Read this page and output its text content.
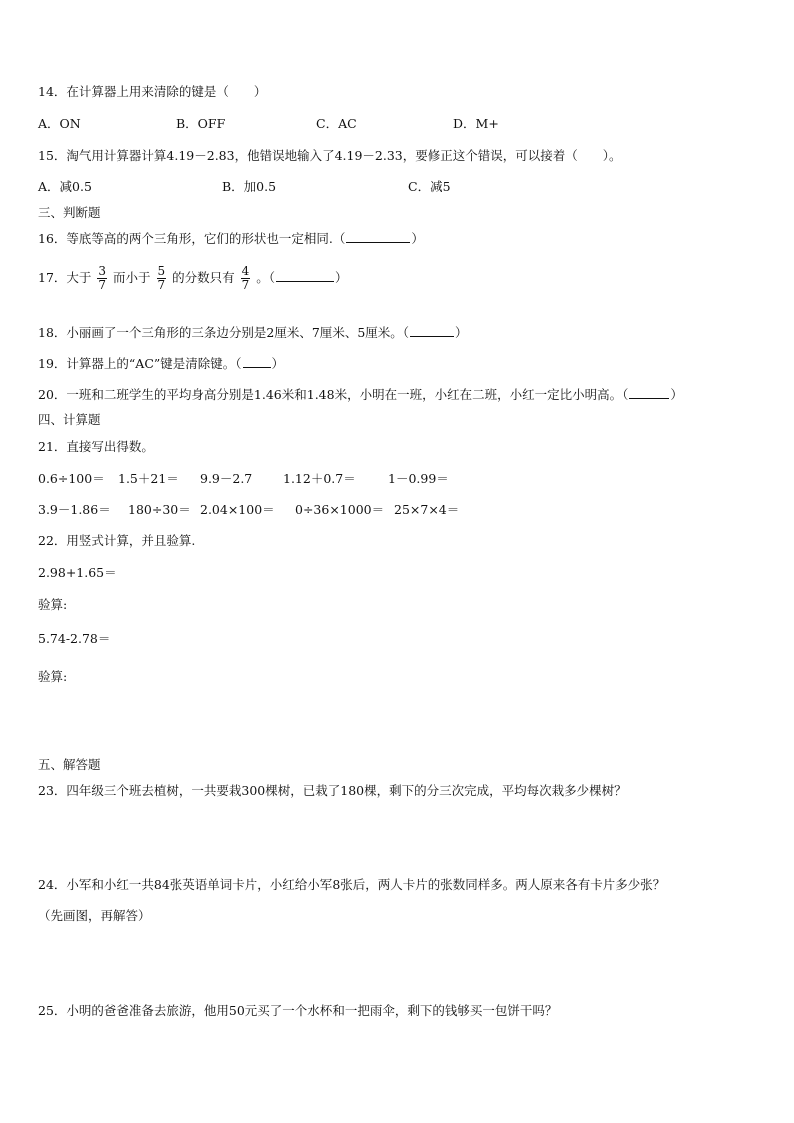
14．在计算器上用来清除的键是（　　）
A．ON	B．OFF	C．AC	D．M+
15．淘气用计算器计算4.19－2.83，他错误地输入了4.19－2.33，要修正这个错误，可以接着（　　）。
A．减0.5	B．加0.5	C．减5
三、判断题
16．等底等高的两个三角形，它们的形状也一定相同.（	）
17．大于 $\frac{3}{7}$ 而小于 $\frac{5}{7}$ 的分数只有 $\frac{4}{7}$ 。（	）
18．小丽画了一个三角形的三条边分别是2厘米、7厘米、5厘米。（	）
19．计算器上的“AC”键是清除键。（ ）
20．一班和二班学生的平均身高分别是1.46米和1.48米，小明在一班，小红在二班，小红一定比小明高。（	）
四、计算题
21．直接写出得数。
0.6÷100＝ 1.5＋21＝ 9.9－2.7 1.12＋0.7＝	1－0.99＝
3.9－1.86＝ 180÷30＝ 2.04×100＝ 0÷36×1000＝ 25×7×4＝
22．用竖式计算，并且验算.
2.98+1.65＝
验算:
5.74-2.78＝
验算:
五、解答题
23．四年级三个班去植树，一共要栽300棵树，已栽了180棵，剩下的分三次完成，平均每次栽多少棵树？
24．小军和小红一共84张英语单词卡片，小红给小军8张后，两人卡片的张数同样多。两人原来各有卡片多少张？
（先画图，再解答）
25．小明的爸爸准备去旅游，他用50元买了一个水杯和一把雨伞，剩下的钱够买一包饼干吗？
